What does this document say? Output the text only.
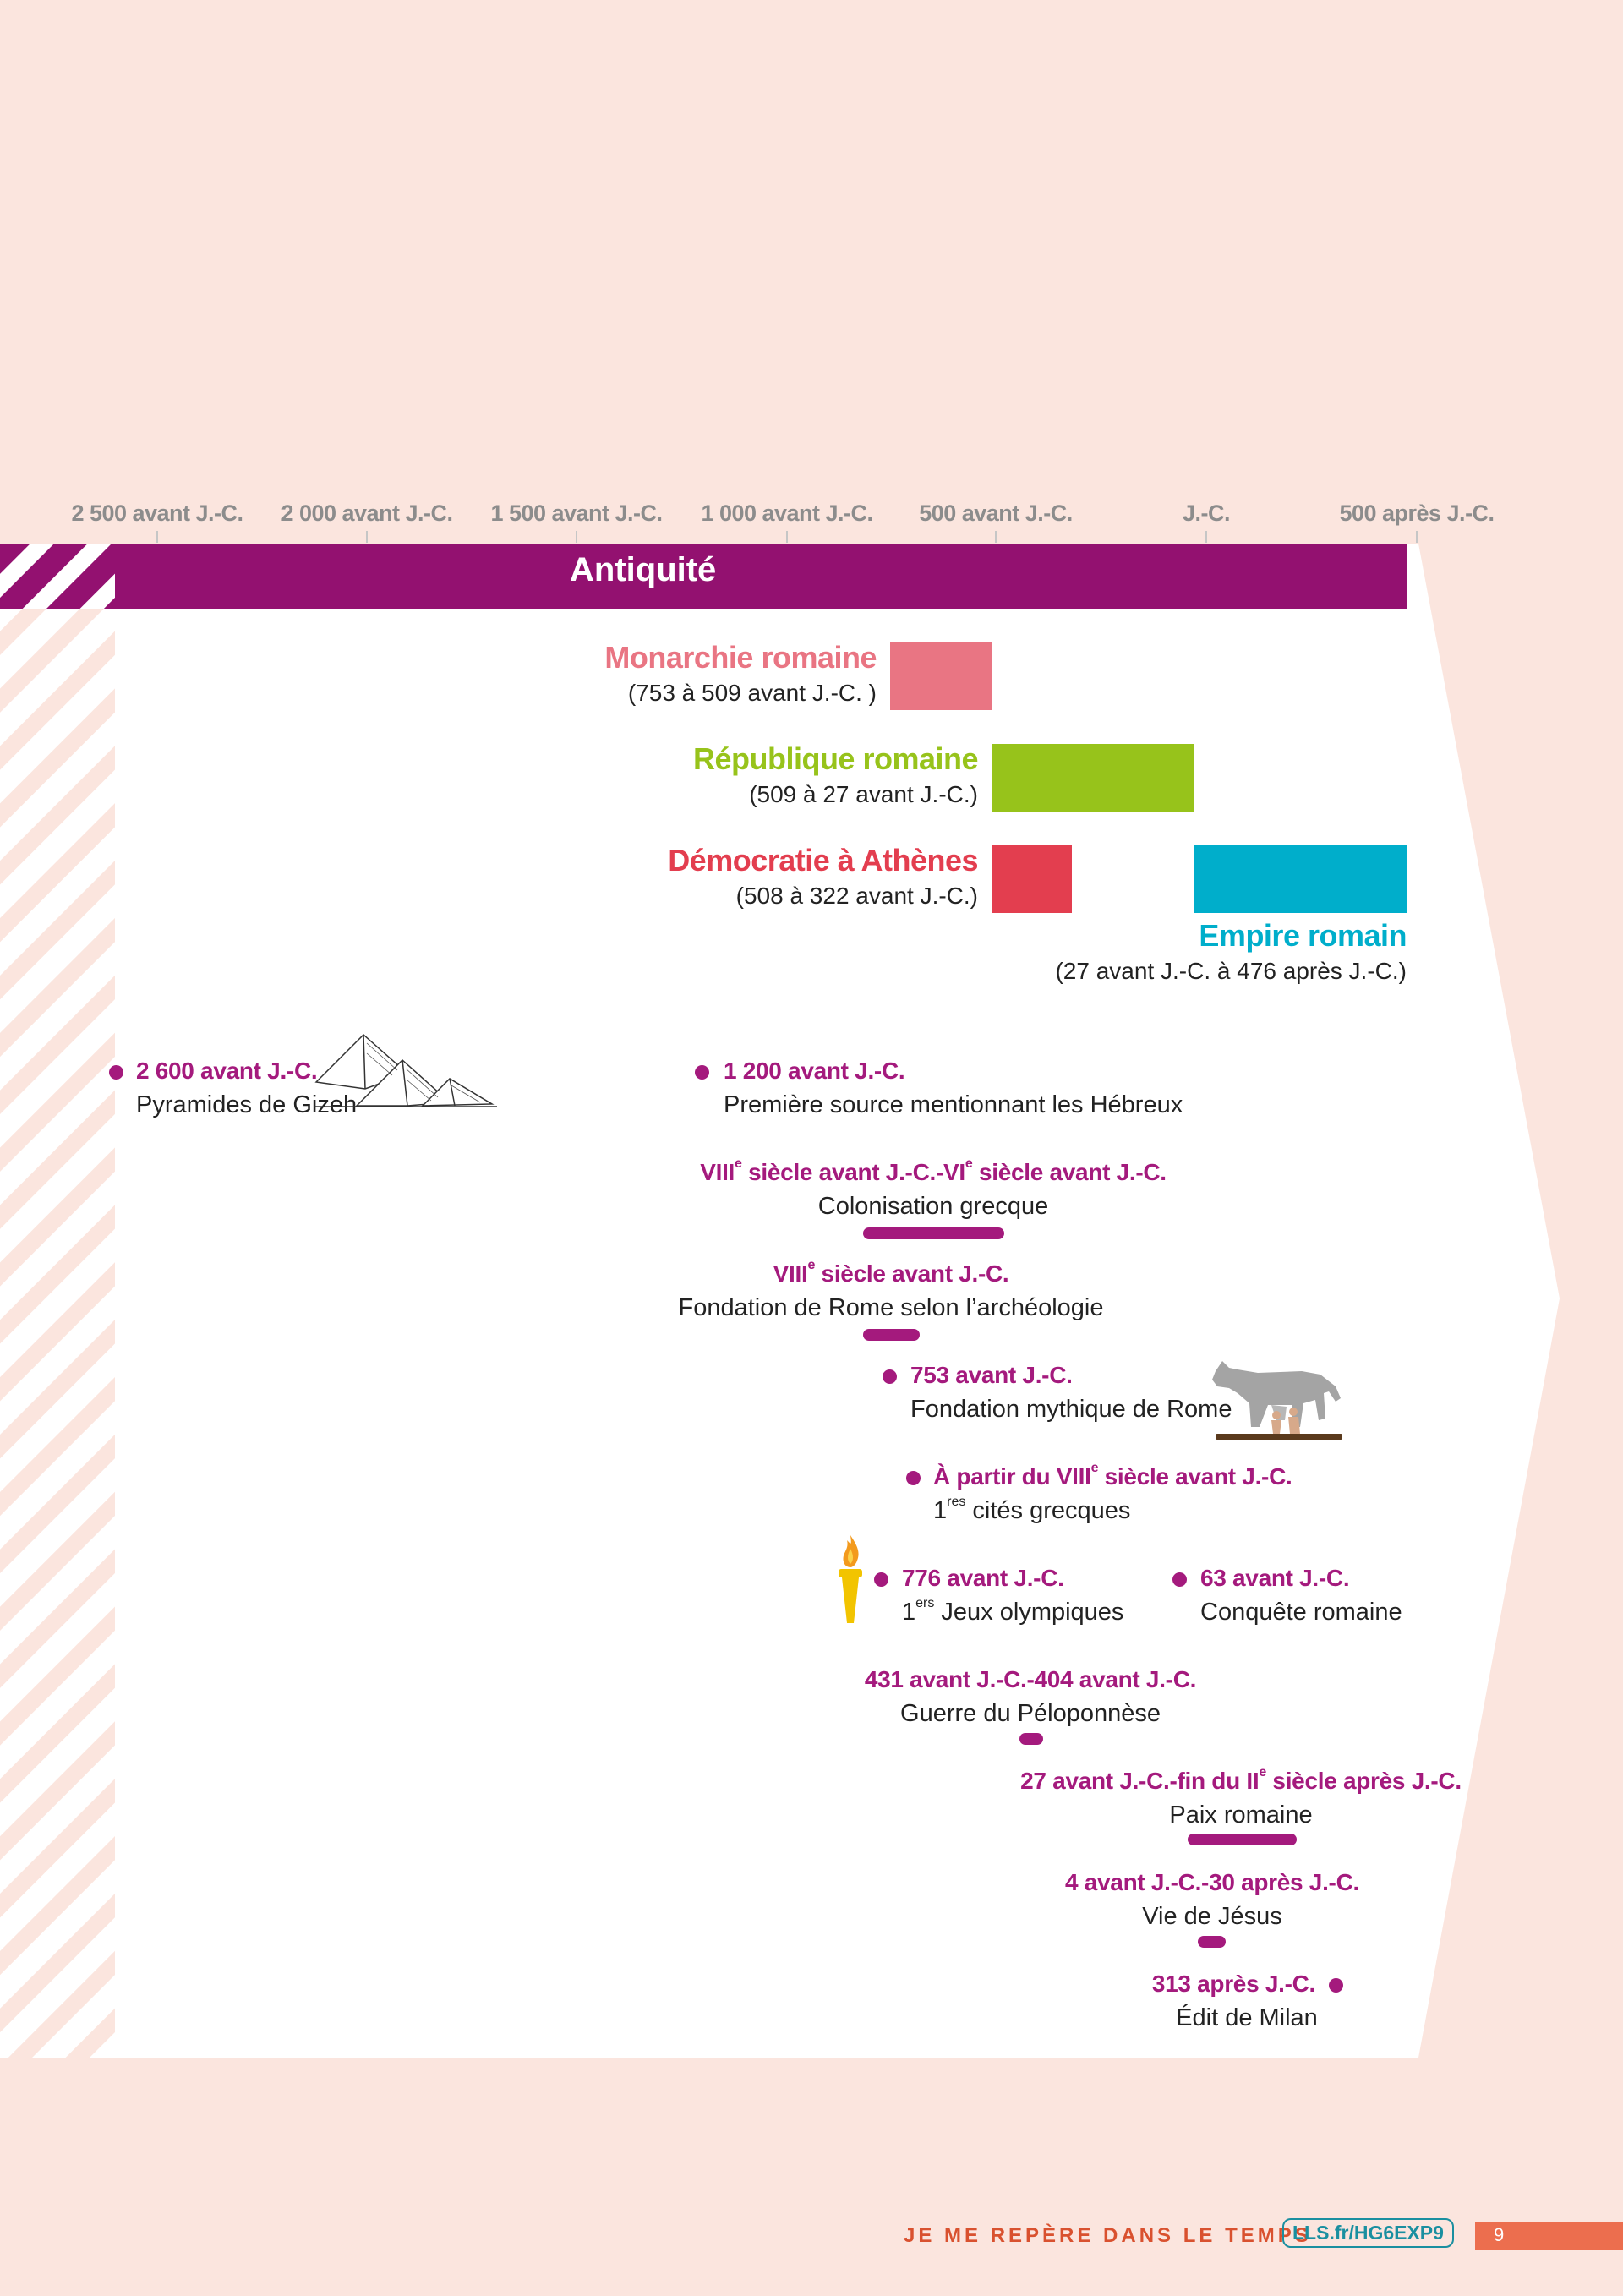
2 500 avant J.-C. 2 000 avant J.-C. 1 500 avant J.-C. 1 000 avant J.-C. 500 avant J.-C.	J.-C.	500 après J.-C.
Antiquité
Monarchie romaine
(753 à 509 avant J.-C. )
République romaine
(509 à 27 avant J.-C.)
Démocratie à Athènes
(508 à 322 avant J.-C.)
Empire romain
(27 avant J.-C. à 476 après J.-C.)
2 600 avant J.-C.
Pyramides de Gizeh
1 200 avant J.-C.
Première source mentionnant les Hébreux
VIIIe siècle avant J.-C.-VIe siècle avant J.-C.
Colonisation grecque
VIIIe siècle avant J.-C.
Fondation de Rome selon l’archéologie
753 avant J.-C.
Fondation mythique de Rome
À partir du VIIIe siècle avant J.-C.
1res cités grecques
776 avant J.-C.
1ers Jeux olympiques
63 avant J.-C.
Conquête romaine
431 avant J.-C.-404 avant J.-C.
Guerre du Péloponnèse
27 avant J.-C.-fin du IIe siècle après J.-C.
Paix romaine
4 avant J.-C.-30 après J.-C.
Vie de Jésus
313 après J.-C.
Édit de Milan
JE ME REPÈRE DANS LE TEMPS
LLS.fr/HG6EXP9	9
